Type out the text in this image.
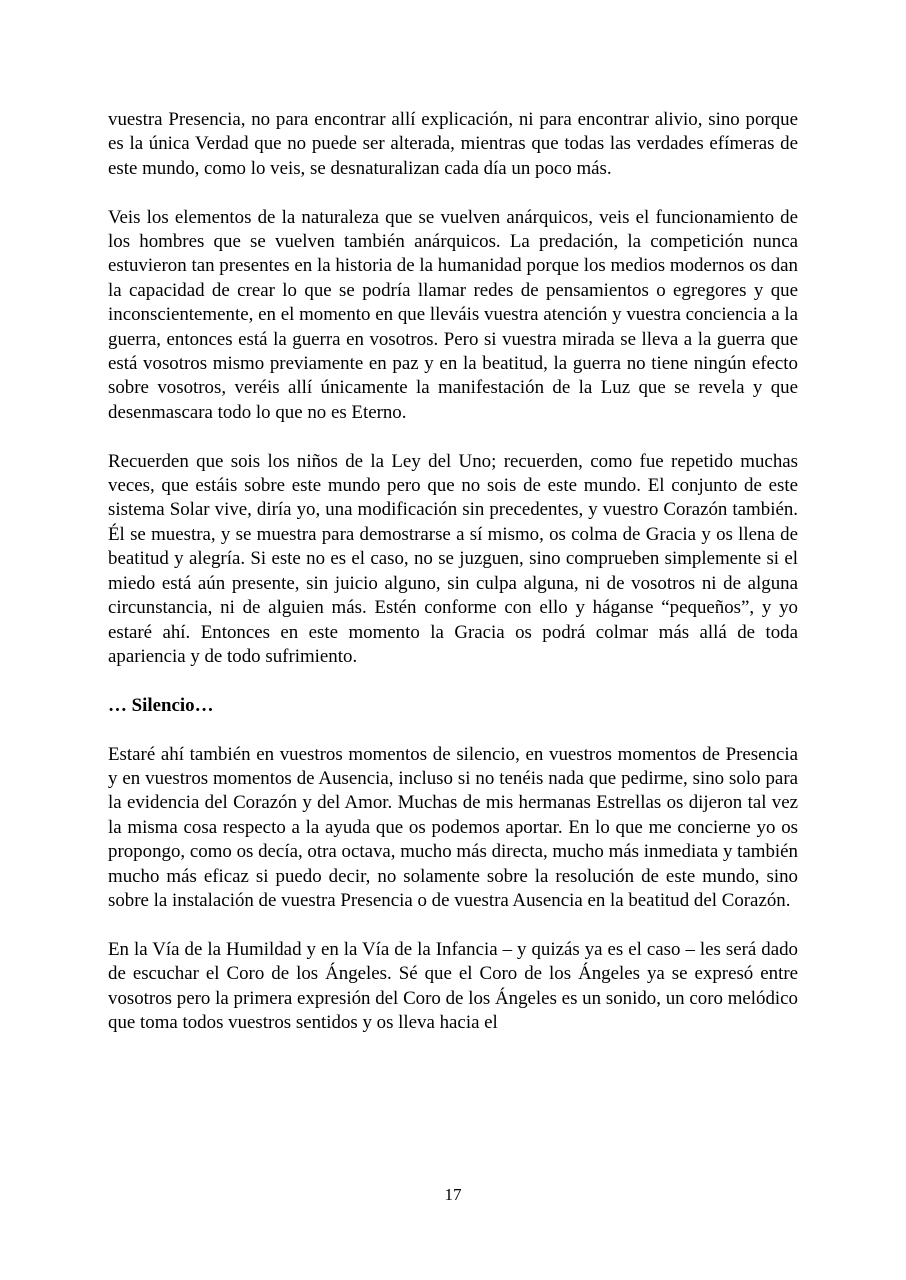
vuestra Presencia, no para encontrar allí explicación, ni para encontrar alivio, sino porque es la única Verdad que no puede ser alterada, mientras que todas las verdades efímeras de este mundo, como lo veis, se desnaturalizan cada día un poco más.

Veis los elementos de la naturaleza que se vuelven anárquicos, veis el funcionamiento de los hombres que se vuelven también anárquicos. La predación, la competición nunca estuvieron tan presentes en la historia de la humanidad porque los medios modernos os dan la capacidad de crear lo que se podría llamar redes de pensamientos o egregores y que inconscientemente, en el momento en que lleváis vuestra atención y vuestra conciencia a la guerra, entonces está la guerra en vosotros. Pero si vuestra mirada se lleva a la guerra que está vosotros mismo previamente en paz y en la beatitud, la guerra no tiene ningún efecto sobre vosotros, veréis allí únicamente la manifestación de la Luz que se revela y que desenmascara todo lo que no es Eterno.

Recuerden que sois los niños de la Ley del Uno; recuerden, como fue repetido muchas veces, que estáis sobre este mundo pero que no sois de este mundo. El conjunto de este sistema Solar vive, diría yo, una modificación sin precedentes, y vuestro Corazón también. Él se muestra, y se muestra para demostrarse a sí mismo, os colma de Gracia y os llena de beatitud y alegría. Si este no es el caso, no se juzguen, sino comprueben simplemente si el miedo está aún presente, sin juicio alguno, sin culpa alguna, ni de vosotros ni de alguna circunstancia, ni de alguien más. Estén conforme con ello y háganse “pequeños”, y yo estaré ahí. Entonces en este momento la Gracia os podrá colmar más allá de toda apariencia y de todo sufrimiento.

… Silencio…

Estaré ahí también en vuestros momentos de silencio, en vuestros momentos de Presencia y en vuestros momentos de Ausencia, incluso si no tenéis nada que pedirme, sino solo para la evidencia del Corazón y del Amor. Muchas de mis hermanas Estrellas os dijeron tal vez la misma cosa respecto a la ayuda que os podemos aportar. En lo que me concierne yo os propongo, como os decía, otra octava, mucho más directa, mucho más inmediata y también mucho más eficaz si puedo decir, no solamente sobre la resolución de este mundo, sino sobre la instalación de vuestra Presencia o de vuestra Ausencia en la beatitud del Corazón.

En la Vía de la Humildad y en la Vía de la Infancia – y quizás ya es el caso – les será dado de escuchar el Coro de los Ángeles. Sé que el Coro de los Ángeles ya se expresó entre vosotros pero la primera expresión del Coro de los Ángeles es un sonido, un coro melódico que toma todos vuestros sentidos y os lleva hacia el

17
